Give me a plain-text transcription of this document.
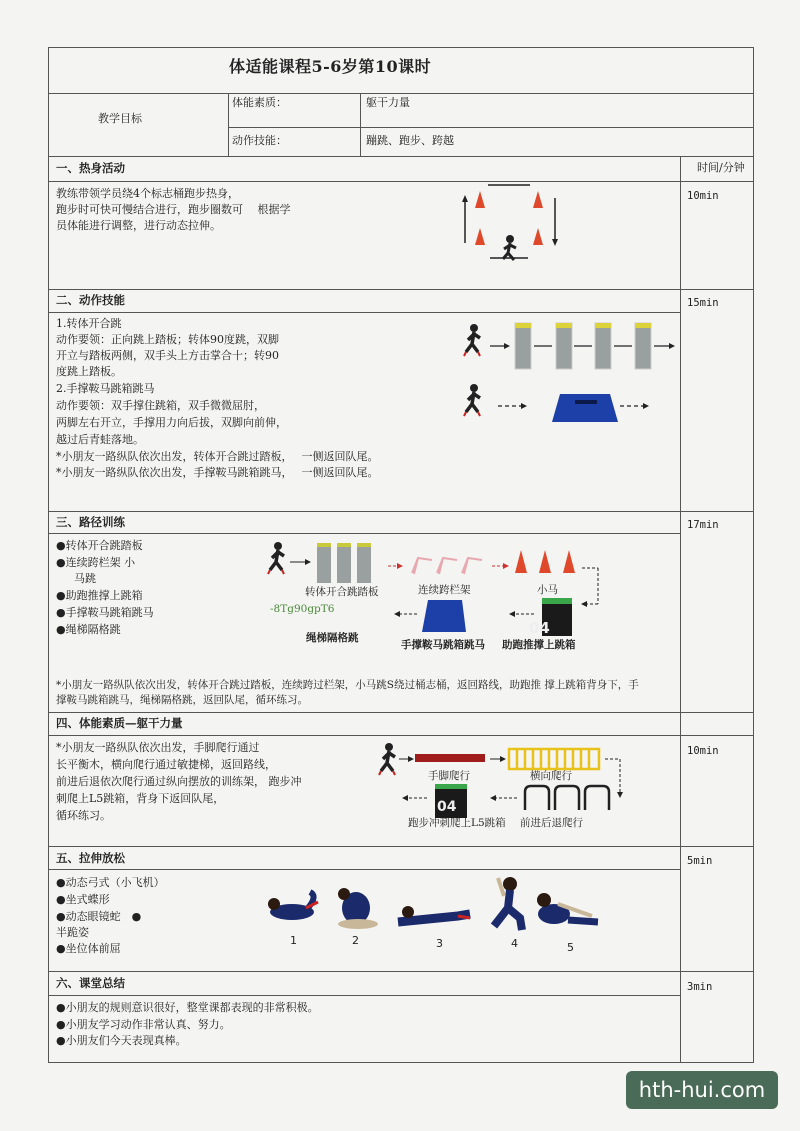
体适能课程5-6岁第10课时
教学目标
体能素质：	躯干力量
动作技能：	蹦跳、跑步、跨越
时间/分钟
一、热身活动
教练带领学员绕4个标志桶跑步热身，
跑步时可快可慢结合进行，跑步圈数可　 根据学
员体能进行调整，进行动态拉伸。
10min
二、动作技能
1.转体开合跳
动作要领：正向跳上踏板；转体90度跳，双脚
开立与踏板两侧，双手头上方击掌合十；转90
度跳上踏板。
2.手撑鞍马跳箱跳马
动作要领：双手撑住跳箱，双手微微屈肘，
两脚左右开立，手撑用力向后拔，双脚向前伸，
越过后青蛙落地。
*小朋友一路纵队依次出发，转体开合跳过踏板，　 一侧返回队尾。
*小朋友一路纵队依次出发，手撑鞍马跳箱跳马，　 一侧返回队尾。
15min
三、路径训练
●转体开合跳踏板
●连续跨栏架 小
马跳
●助跑推撑上跳箱
●手撑鞍马跳箱跳马
●绳梯隔格跳
17min
转体开合跳踏板	连续跨栏架	小马
-8Tg90gpT6
04
绳梯隔格跳
手撑鞍马跳箱跳马 助跑推撑上跳箱
*小朋友一路纵队依次出发，转体开合跳过踏板，连续跨过栏架，小马跳S绕过桶志桶，返回路线，助跑推 撑上跳箱背身下，手
撑鞍马跳箱跳马，绳梯隔格跳，返回队尾，循环练习。
四、体能素质—躯干力量
*小朋友一路纵队依次出发，手脚爬行通过
长平衡木，横向爬行通过敏捷梯，返回路线，
前进后退依次爬行通过纵向摆放的训练架， 跑步冲
刺爬上L5跳箱，背身下返回队尾，
循环练习。
10min
手脚爬行	横向爬行
04
跑步冲刺爬上L5跳箱 前进后退爬行
五、拉伸放松
●动态弓式（小飞机）
●坐式蝶形
●动态眼镜蛇　●
半跪姿
●坐位体前屈
5min
1	2	3	4	5
六、课堂总结
●小朋友的规则意识很好，整堂课都表现的非常积极。
●小朋友学习动作非常认真、努力。
●小朋友们今天表现真棒。
3min
hth-hui.com
